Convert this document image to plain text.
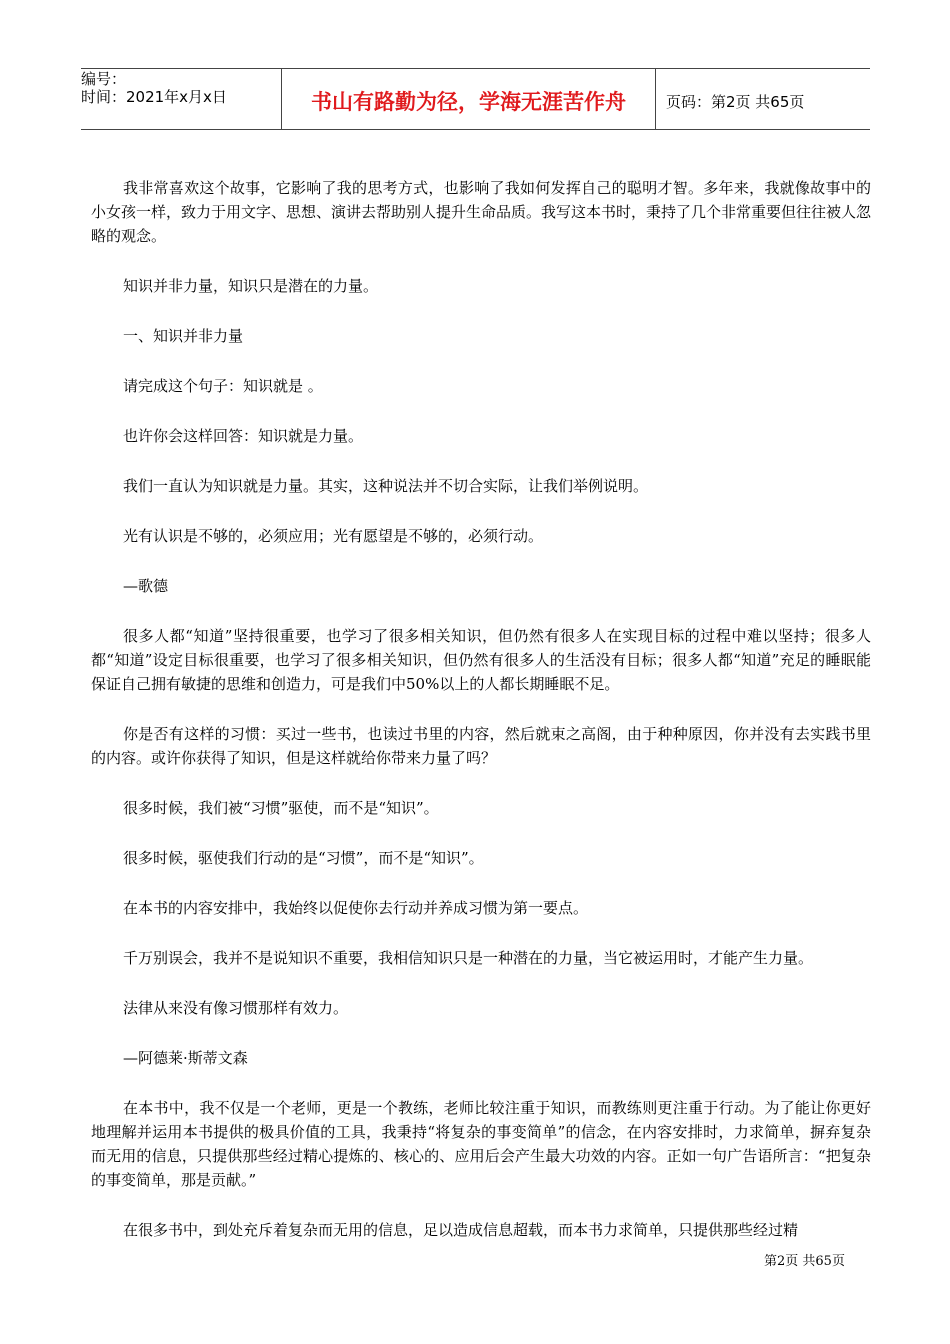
编号：
时间：2021年x月x日	书山有路勤为径，学海无涯苦作舟	页码：第2页 共65页

我非常喜欢这个故事，它影响了我的思考方式，也影响了我如何发挥自己的聪明才智。多年来，我就像故事中的小女孩一样，致力于用文字、思想、演讲去帮助别人提升生命品质。我写这本书时，秉持了几个非常重要但往往被人忽略的观念。

知识并非力量，知识只是潜在的力量。

一、知识并非力量

请完成这个句子：知识就是 。

也许你会这样回答：知识就是力量。

我们一直认为知识就是力量。其实，这种说法并不切合实际，让我们举例说明。

光有认识是不够的，必须应用；光有愿望是不够的，必须行动。

—歌德

很多人都“知道”坚持很重要，也学习了很多相关知识，但仍然有很多人在实现目标的过程中难以坚持；很多人都“知道”设定目标很重要，也学习了很多相关知识，但仍然有很多人的生活没有目标；很多人都“知道”充足的睡眠能保证自己拥有敏捷的思维和创造力，可是我们中50%以上的人都长期睡眠不足。

你是否有这样的习惯：买过一些书，也读过书里的内容，然后就束之高阁，由于种种原因，你并没有去实践书里的内容。或许你获得了知识，但是这样就给你带来力量了吗？

很多时候，我们被“习惯”驱使，而不是“知识”。

很多时候，驱使我们行动的是“习惯”，而不是“知识”。

在本书的内容安排中，我始终以促使你去行动并养成习惯为第一要点。

千万别误会，我并不是说知识不重要，我相信知识只是一种潜在的力量，当它被运用时，才能产生力量。

法律从来没有像习惯那样有效力。

—阿德莱·斯蒂文森

在本书中，我不仅是一个老师，更是一个教练，老师比较注重于知识，而教练则更注重于行动。为了能让你更好地理解并运用本书提供的极具价值的工具，我秉持“将复杂的事变简单”的信念，在内容安排时，力求简单，摒弃复杂而无用的信息，只提供那些经过精心提炼的、核心的、应用后会产生最大功效的内容。正如一句广告语所言：“把复杂的事变简单，那是贡献。”

在很多书中，到处充斥着复杂而无用的信息，足以造成信息超载，而本书力求简单，只提供那些经过精

第2页 共65页
